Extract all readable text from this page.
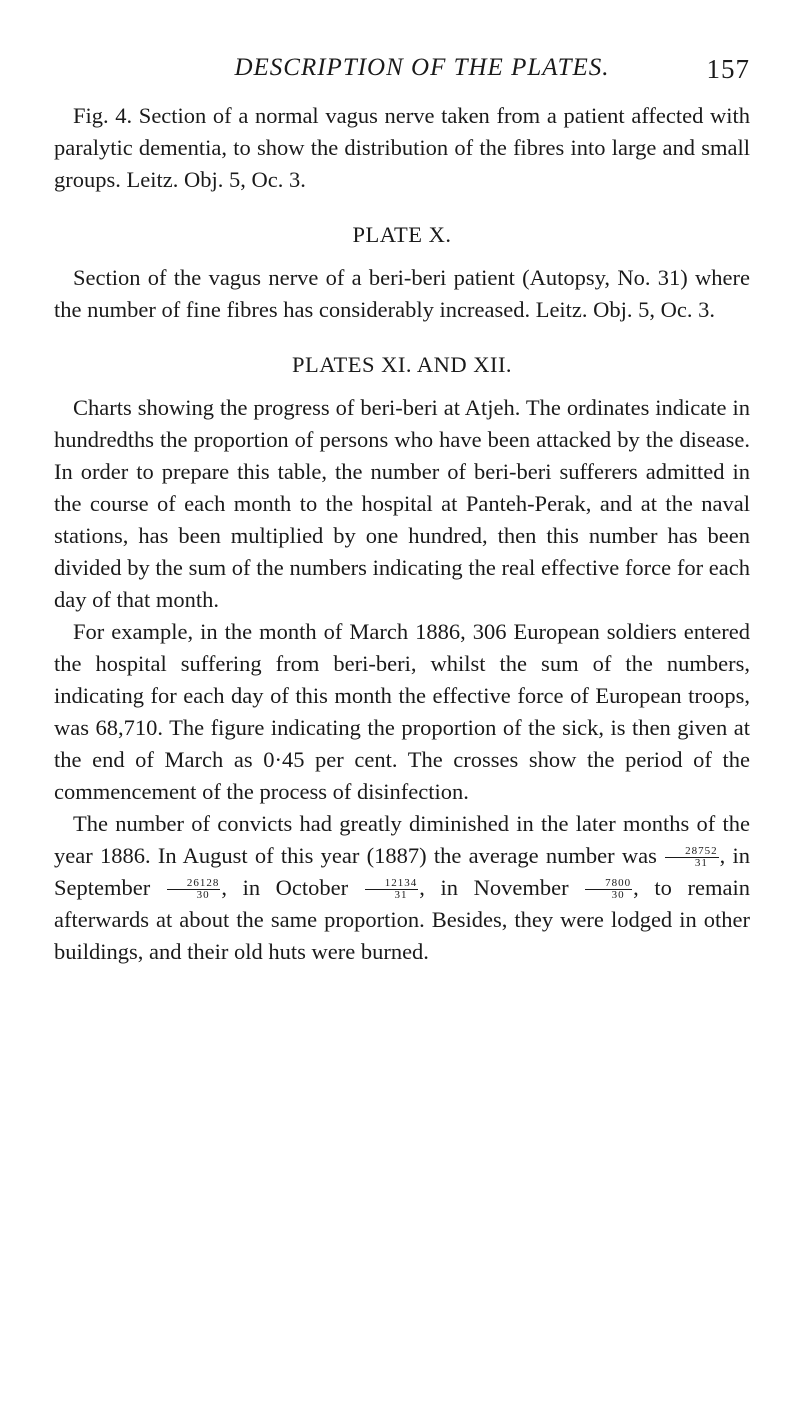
DESCRIPTION OF THE PLATES.	157

Fig. 4. Section of a normal vagus nerve taken from a patient affected with paralytic dementia, to show the distribution of the fibres into large and small groups. Leitz. Obj. 5, Oc. 3.

PLATE X.

Section of the vagus nerve of a beri-beri patient (Autopsy, No. 31) where the number of fine fibres has considerably increased. Leitz. Obj. 5, Oc. 3.

PLATES XI. AND XII.

Charts showing the progress of beri-beri at Atjeh. The ordinates indicate in hundredths the proportion of persons who have been attacked by the disease. In order to prepare this table, the number of beri-beri sufferers admitted in the course of each month to the hospital at Panteh-Perak, and at the naval stations, has been multiplied by one hundred, then this number has been divided by the sum of the numbers indicating the real effective force for each day of that month.

For example, in the month of March 1886, 306 European soldiers entered the hospital suffering from beri-beri, whilst the sum of the numbers, indicating for each day of this month the effective force of European troops, was 68,710. The figure indicating the proportion of the sick, is then given at the end of March as 0·45 per cent. The crosses show the period of the commencement of the process of disinfection.

The number of convicts had greatly diminished in the later months of the year 1886. In August of this year (1887) the average number was $\frac{28752}{31}$ , in September $\frac{26128}{30}$ , in October $\frac{12134}{31}$ , in November $\frac{7800}{30}$ , to remain afterwards at about the same proportion. Besides, they were lodged in other buildings, and their old huts were burned.
